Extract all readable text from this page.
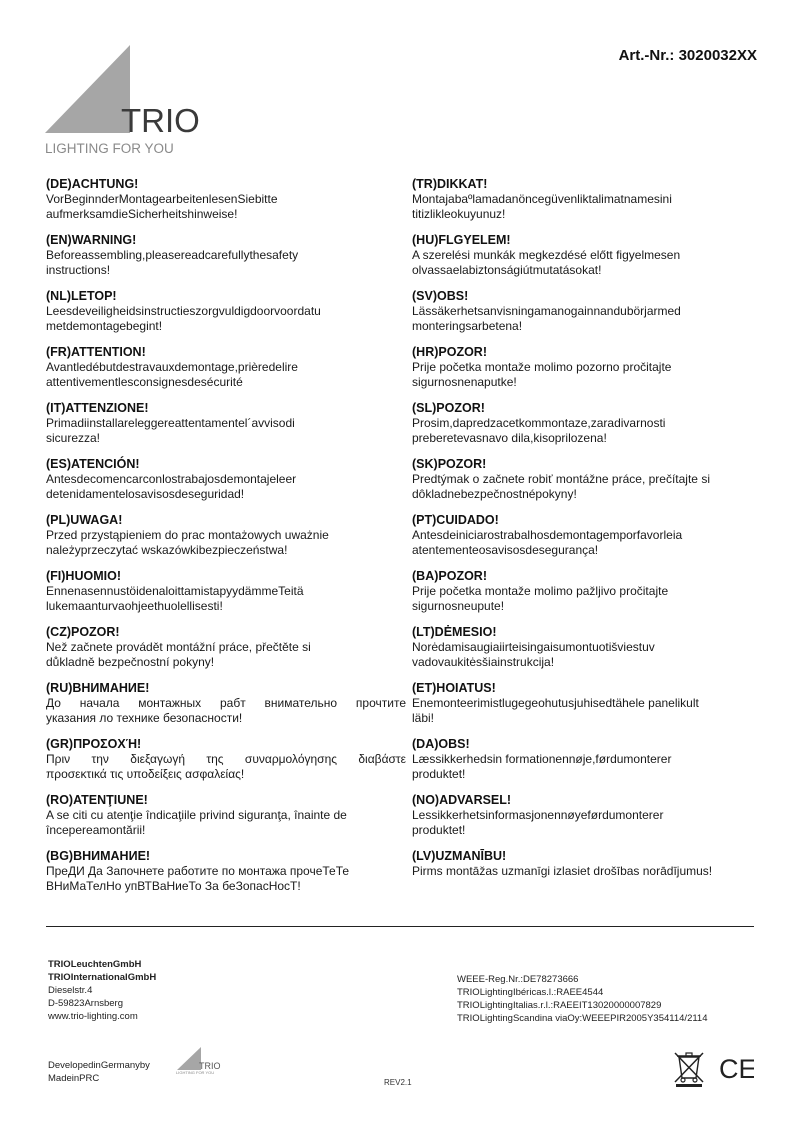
Art.-Nr.: 3020032XX
TRIO
LIGHTING FOR YOU
(DE)ACHTUNG!
VorBeginnderMontagearbeitenlesenSiebitte
aufmerksamdieSicherheitshinweise!
(EN)WARNING!
Beforeassembling,pleasereadcarefullythesafety
instructions!
(NL)LETOP!
Leesdeveiligheidsinstructieszorgvuldigdoorvoordatu
metdemontagebegint!
(FR)ATTENTION!
Avantledébutdestravauxdemontage,prièredelire
attentivementlesconsignesdesécurité
(IT)ATTENZIONE!
Primadiinstallareleggereattentamentel´avvisodi
sicurezza!
(ES)ATENCIÓN!
Antesdecomencarconlostrabajosdemontajeleer
detenidamentelosavisosdeseguridad!
(PL)UWAGA!
Przed przystąpieniem do prac montażowych uważnie
należyprzeczytać wskazówkibezpieczeństwa!
(FI)HUOMIO!
EnnenasennustöidenaloittamistapyydämmeTeitä
lukemaanturvaohjeethuolellisesti!
(CZ)POZOR!
Než začnete provádět montážní práce, přečtěte si
důkladně bezpečnostní pokyny!
(RU)ВНИМАНИЕ!
До начала монтажных рабт внимательно прочтите
указания ло технике безопасности!
(GR)ΠΡΟΣΟΧΉ!
Πριν την διεξαγωγή της συναρμολόγησης διαβάστε
προσεκτικά τις υποδείξεις ασφαλείας!
(RO)ATENŢIUNE!
A se citi cu atenţie îndicaţiile privind siguranţa, înainte de
începereamontării!
(BG)ВНИМАНИЕ!
ПреДИ Да Започнете работите по монтажа прочеТеТе
ВНиМаТелНо упВТВаНиеТо За беЗопасНосТ!
(TR)DIKKAT!
Montajabaºlamadanöncegüvenliktalimatnamesini
titizlikleokuyunuz!
(HU)FLGYELEM!
A szerelési munkák megkezdésé előtt figyelmesen
olvassaelabiztonságiútmutatásokat!
(SV)OBS!
Lässäkerhetsanvisningamanogainnandubörjarmed
monteringsarbetena!
(HR)POZOR!
Prije početka montaže molimo pozorno pročitajte
sigurnosnenaputke!
(SL)POZOR!
Prosim,dapredzacetkommontaze,zaradivarnosti
preberetevasnavo dila,kisoprilozena!
(SK)POZOR!
Predtýmak o začnete robiť montážne práce, prečítajte si
dôkladnebezpečnostnépokyny!
(PT)CUIDADO!
Antesdeiniciarostrabalhosdemontagemporfavorleia
atentementeosavisosdesegurança!
(BA)POZOR!
Prije početka montaže molimo pažljivo pročitajte
sigurnosneupute!
(LT)DĖMESIO!
Norėdamisaugiaiirteisingaisumontuotišviestuv
vadovaukitėsšiainstrukcija!
(ET)HOIATUS!
Enemonteerimistlugegeohutusjuhisedtähele panelikult
läbi!
(DA)OBS!
Læssikkerhedsin formationennøje,førdumonterer
produktet!
(NO)ADVARSEL!
Lessikkerhetsinformasjonennøyeførdumonterer
produktet!
(LV)UZMANĪBU!
Pirms montāžas uzmanīgi izlasiet drošības norādījumus!
TRIOLeuchtenGmbH
TRIOInternationalGmbH
Dieselstr.4
D-59823Arnsberg
www.trio-lighting.com
WEEE-Reg.Nr.:DE78273666
TRIOLightingIbéricas.l.:RAEE4544
TRIOLightingItalias.r.l.:RAEEIT13020000007829
TRIOLightingScandina viaOy:WEEEPIR2005Y354114/2114
DevelopedinGermanyby
MadeinPRC
TRIO
LIGHTING FOR YOU
REV2.1	CE
